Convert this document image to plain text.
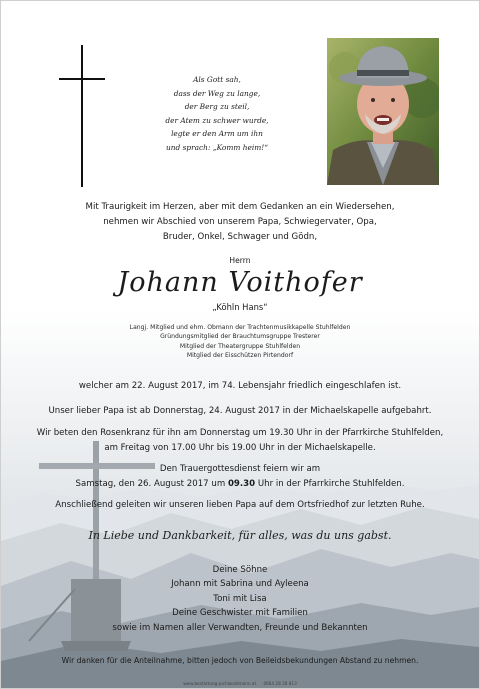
Als Gott sah,
dass der Weg zu lange,
der Berg zu steil,
der Atem zu schwer wurde,
legte er den Arm um ihn
und sprach: „Komm heim!“
Mit Traurigkeit im Herzen, aber mit dem Gedanken an ein Wiedersehen,
nehmen wir Abschied von unserem Papa, Schwiegervater, Opa,
Bruder, Onkel, Schwager und Gödn,
Herrn
Johann Voithofer
„Köhln Hans“
Langj. Mitglied und ehm. Obmann der Trachtenmusikkapelle Stuhlfelden
Gründungsmitglied der Brauchtumsgruppe Tresterer
Mitglied der Theatergruppe Stuhlfelden
Mitglied der Eisschützen Pirtendorf
welcher am 22. August 2017, im 74. Lebensjahr friedlich eingeschlafen ist.
Unser lieber Papa ist ab Donnerstag, 24. August 2017 in der Michaelskapelle aufgebahrt.
Wir beten den Rosenkranz für ihn am Donnerstag um 19.30 Uhr in der Pfarrkirche Stuhlfelden,
am Freitag von 17.00 Uhr bis 19.00 Uhr in der Michaelskapelle.
Den Trauergottesdienst feiern wir am
Samstag, den 26. August 2017 um 09.30 Uhr in der Pfarrkirche Stuhlfelden.
Anschließend geleiten wir unseren lieben Papa auf dem Ortsfriedhof zur letzten Ruhe.
In Liebe und Dankbarkeit, für alles, was du uns gabst.
Deine Söhne
Johann mit Sabrina und Ayleena
Toni mit Lisa
Deine Geschwister mit Familien
sowie im Namen aller Verwandten, Freunde und Bekannten
Wir danken für die Anteilnahme, bitten jedoch von Beileidsbekundungen Abstand zu nehmen.
www.bestattung-pichlwaldmann.at 0664 28 28 813
